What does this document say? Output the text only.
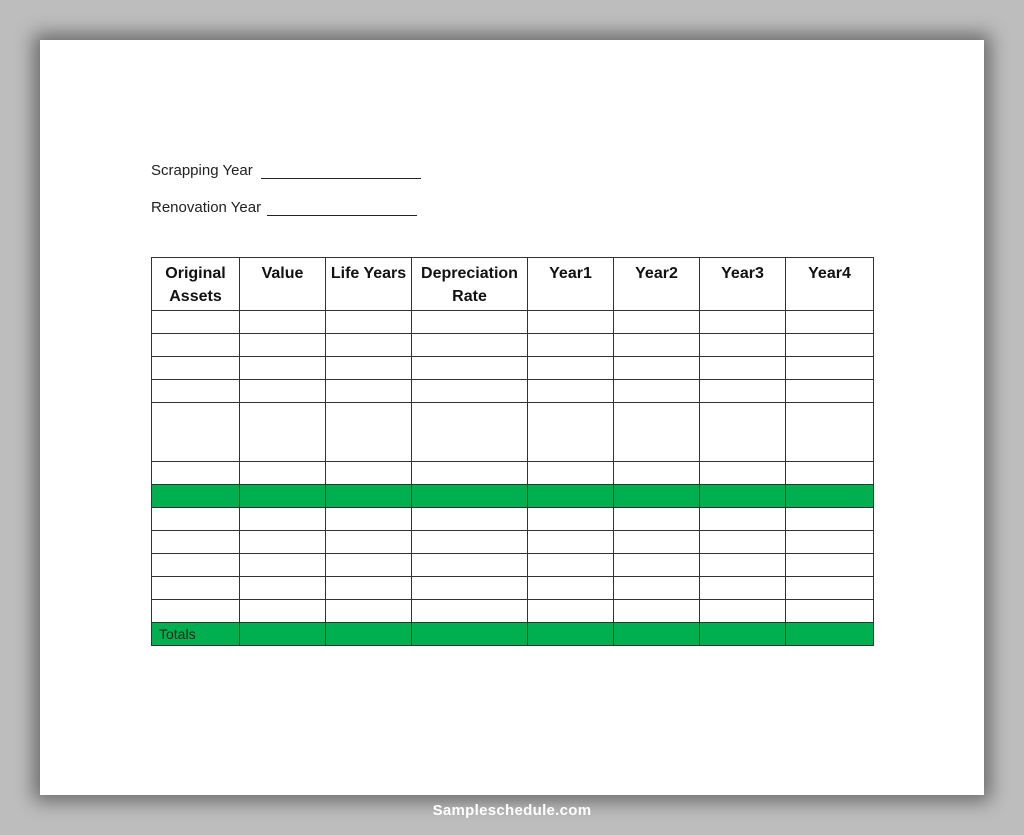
Scrapping Year
Renovation Year
Original Assets	Value	Life Years	Depreciation Rate	Year1	Year2	Year3	Year4

Totals							
Sampleschedule.com
